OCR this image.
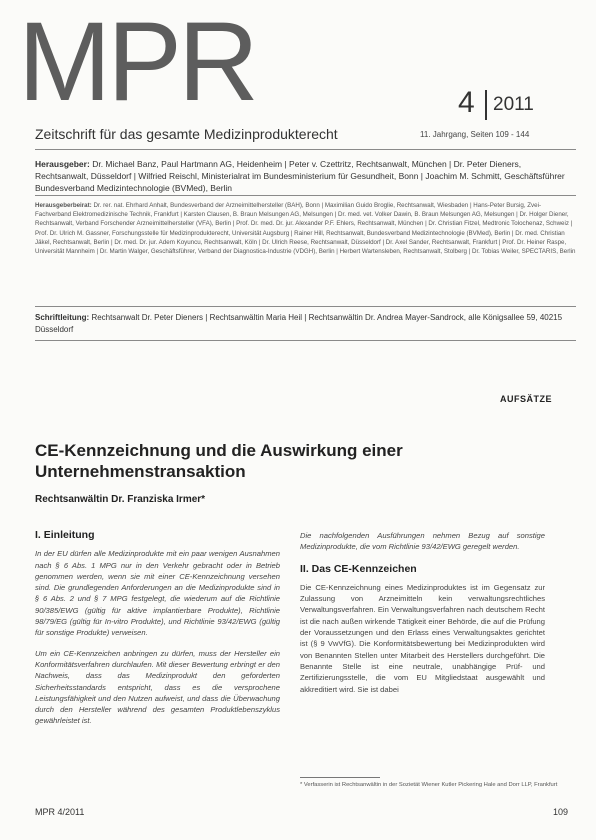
MPR	4 2011
Zeitschrift für das gesamte Medizinprodukterecht	11. Jahrgang, Seiten 109 - 144
Herausgeber: Dr. Michael Banz, Paul Hartmann AG, Heidenheim | Peter v. Czettritz, Rechtsanwalt, München | Dr. Peter Dieners, Rechtsanwalt, Düsseldorf | Wilfried Reischl, Ministerialrat im Bundesministerium für Gesundheit, Bonn | Joachim M. Schmitt, Geschäftsführer Bundesverband Medizintechnologie (BVMed), Berlin
Herausgeberbeirat: Dr. rer. nat. Ehrhard Anhalt, Bundesverband der Arzneimittelhersteller (BAH), Bonn | Maximilian Guido Broglie, Rechtsanwalt, Wiesbaden | Hans-Peter Bursig, Zvei-Fachverband Elektromedizinische Technik, Frankfurt | Karsten Clausen, B. Braun Melsungen AG, Melsungen | Dr. med. vet. Volker Dawin, B. Braun Melsungen AG, Melsungen | Dr. Holger Diener, Rechtsanwalt, Verband Forschender Arzneimittelhersteller (VFA), Berlin | Prof. Dr. med. Dr. jur. Alexander P.F. Ehlers, Rechtsanwalt, München | Dr. Christian Fitzel, Medtronic Tolochenaz, Schweiz | Prof. Dr. Ulrich M. Gassner, Forschungsstelle für Medizinprodukterecht, Universität Augsburg | Rainer Hill, Rechtsanwalt, Bundesverband Medizintechnologie (BVMed), Berlin | Dr. med. Christian Jäkel, Rechtsanwalt, Berlin | Dr. med. Dr. jur. Adem Koyuncu, Rechtsanwalt, Köln | Dr. Ulrich Reese, Rechtsanwalt, Düsseldorf | Dr. Axel Sander, Rechtsanwalt, Frankfurt | Prof. Dr. Heiner Raspe, Universität Mannheim | Dr. Martin Walger, Geschäftsführer, Verband der Diagnostica-Industrie (VDGH), Berlin | Herbert Wartensleben, Rechtsanwalt, Stolberg | Dr. Tobias Weiler, SPECTARIS, Berlin
Schriftleitung: Rechtsanwalt Dr. Peter Dieners | Rechtsanwältin Maria Heil | Rechtsanwältin Dr. Andrea Mayer-Sandrock, alle Königsallee 59, 40215 Düsseldorf
AUFSÄTZE
CE-Kennzeichnung und die Auswirkung einer Unternehmenstransaktion
Rechtsanwältin Dr. Franziska Irmer*
I. Einleitung

In der EU dürfen alle Medizinprodukte mit ein paar wenigen Ausnahmen nach § 6 Abs. 1 MPG nur in den Verkehr gebracht oder in Betrieb genommen werden, wenn sie mit einer CE-Kennzeichnung versehen sind. Die grundlegenden Anforderungen an die Medizinprodukte sind in § 6 Abs. 2 und § 7 MPG festgelegt, die wiederum auf die Richtlinie 90/385/EWG (gültig für aktive implantierbare Produkte), Richtlinie 98/79/EG (gültig für In-vitro Produkte), und Richtlinie 93/42/EWG (gültig für sonstige Produkte) verweisen.

Um ein CE-Kennzeichen anbringen zu dürfen, muss der Hersteller ein Konformitätsverfahren durchlaufen. Mit dieser Bewertung erbringt er den Nachweis, dass das Medizinprodukt den geforderten Sicherheitsstandards entspricht, dass es die versprochene Leistungsfähigkeit und den Nutzen aufweist, und dass die Überwachung durch den Hersteller während des gesamten Produktlebenszyklus gewährleistet ist.

Die nachfolgenden Ausführungen nehmen Bezug auf sonstige Medizinprodukte, die vom Richtlinie 93/42/EWG geregelt werden.

II. Das CE-Kennzeichen

Die CE-Kennzeichnung eines Medizinproduktes ist im Gegensatz zur Zulassung von Arzneimitteln kein verwaltungsrechtliches Verwaltungsverfahren. Ein Verwaltungsverfahren nach deutschem Recht ist die nach außen wirkende Tätigkeit einer Behörde, die auf die Prüfung der Voraussetzungen und den Erlass eines Verwaltungsaktes gerichtet ist (§ 9 VwVfG). Die Konformitätsbewertung bei Medizinprodukten wird von Benannten Stellen unter Mitarbeit des Herstellers durchgeführt. Die Benannte Stelle ist eine neutrale, unabhängige Prüf- und Zertifizierungsstelle, die vom EU Mitgliedstaat ausgewählt und akkreditiert wird. Sie ist dabei

* Verfasserin ist Rechtsanwältin in der Sozietät Wiener Kutler Pickering Hale and Dorr LLP, Frankfurt
MPR 4/2011	109
